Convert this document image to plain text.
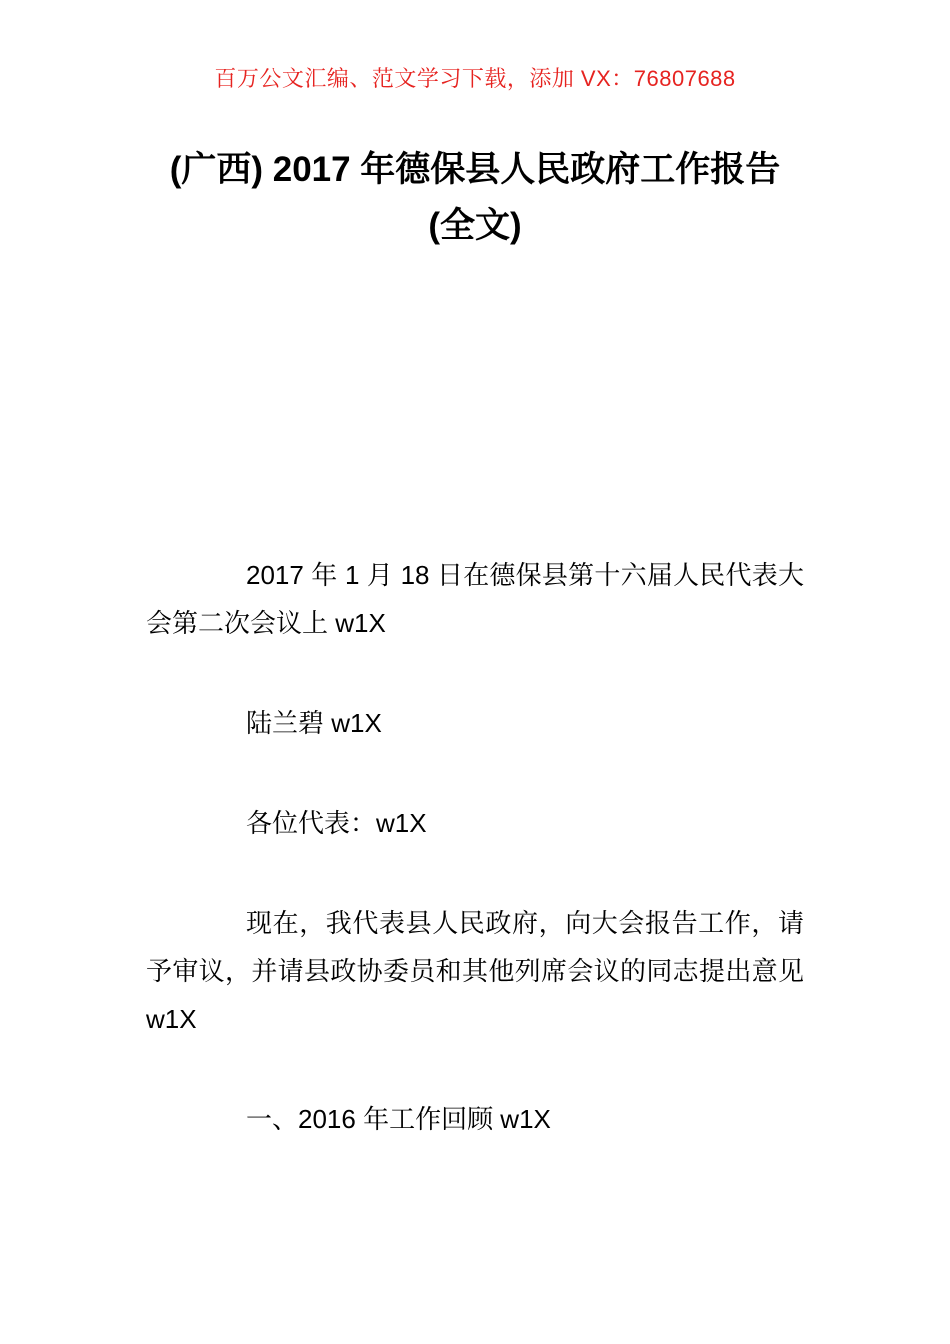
百万公文汇编、范文学习下载，添加 VX：76807688
(广西) 2017 年德保县人民政府工作报告
(全文)

2017 年 1 月 18 日在德保县第十六届人民代表大会第二次会议上 w1X

陆兰碧 w1X

各位代表：w1X

现在，我代表县人民政府，向大会报告工作，请予审议，并请县政协委员和其他列席会议的同志提出意见 w1X

一、2016 年工作回顾 w1X
